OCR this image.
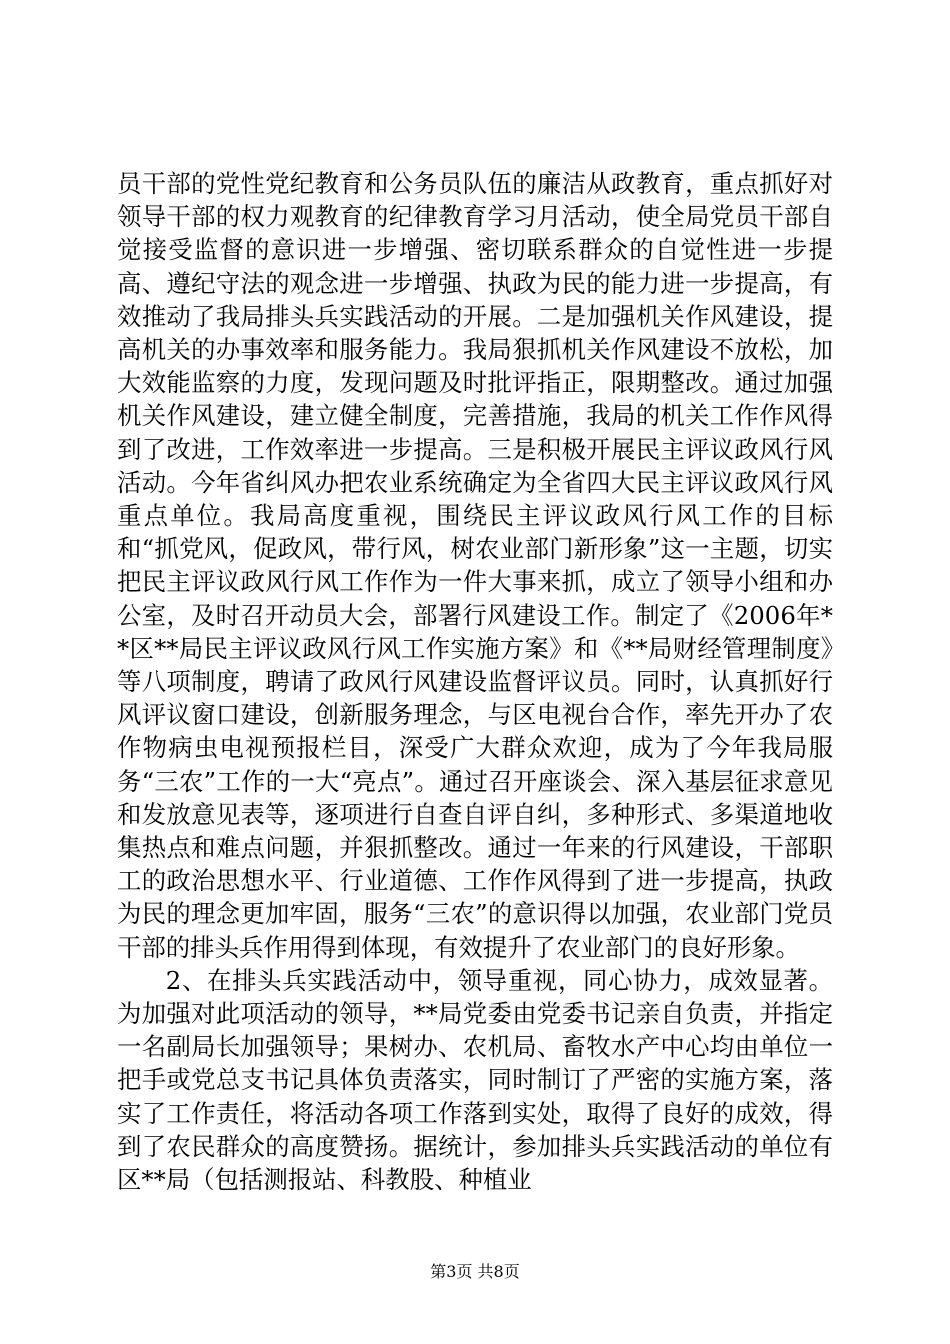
员干部的党性党纪教育和公务员队伍的廉洁从政教育，重点抓好对领导干部的权力观教育的纪律教育学习月活动，使全局党员干部自觉接受监督的意识进一步增强、密切联系群众的自觉性进一步提高、遵纪守法的观念进一步增强、执政为民的能力进一步提高，有效推动了我局排头兵实践活动的开展。二是加强机关作风建设，提高机关的办事效率和服务能力。我局狠抓机关作风建设不放松，加大效能监察的力度，发现问题及时批评指正，限期整改。通过加强机关作风建设，建立健全制度，完善措施，我局的机关工作作风得到了改进，工作效率进一步提高。三是积极开展民主评议政风行风活动。今年省纠风办把农业系统确定为全省四大民主评议政风行风重点单位。我局高度重视，围绕民主评议政风行风工作的目标和“抓党风，促政风，带行风，树农业部门新形象”这一主题，切实把民主评议政风行风工作作为一件大事来抓，成立了领导小组和办公室，及时召开动员大会，部署行风建设工作。制定了《2006年**区**局民主评议政风行风工作实施方案》和《**局财经管理制度》等八项制度，聘请了政风行风建设监督评议员。同时，认真抓好行风评议窗口建设，创新服务理念，与区电视台合作，率先开办了农作物病虫电视预报栏目，深受广大群众欢迎，成为了今年我局服务“三农”工作的一大“亮点”。通过召开座谈会、深入基层征求意见和发放意见表等，逐项进行自查自评自纠，多种形式、多渠道地收集热点和难点问题，并狠抓整改。通过一年来的行风建设，干部职工的政治思想水平、行业道德、工作作风得到了进一步提高，执政为民的理念更加牢固，服务“三农”的意识得以加强，农业部门党员干部的排头兵作用得到体现，有效提升了农业部门的良好形象。

2、在排头兵实践活动中，领导重视，同心协力，成效显著。为加强对此项活动的领导，**局党委由党委书记亲自负责，并指定一名副局长加强领导；果树办、农机局、畜牧水产中心均由单位一把手或党总支书记具体负责落实，同时制订了严密的实施方案，落实了工作责任，将活动各项工作落到实处，取得了良好的成效，得到了农民群众的高度赞扬。据统计，参加排头兵实践活动的单位有区**局（包括测报站、科教股、种植业

第3页 共8页
